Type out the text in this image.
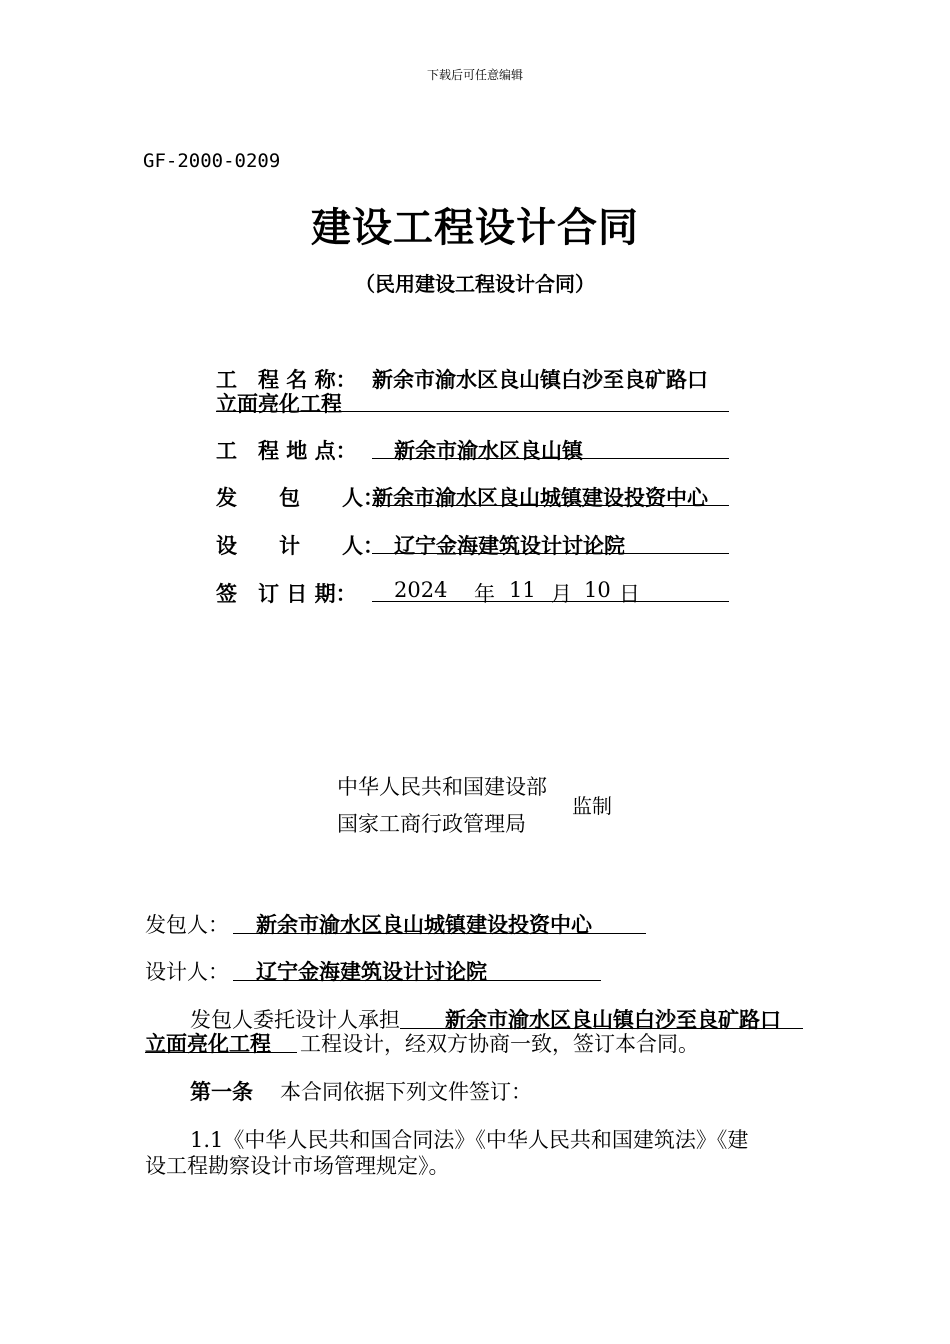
下载后可任意编辑
GF-2000-0209
建设工程设计合同
（民用建设工程设计合同）
工　程 名 称： 新余市渝水区良山镇白沙至良矿路口
立面亮化工程
工　程 地 点： 新余市渝水区良山镇
发　　包　　人：
新余市渝水区良山城镇建设投资中心
设　　计　　人： 辽宁金海建筑设计讨论院
签　订 日 期： 2024 年 11 月 10 日
中华人民共和国建设部
国家工商行政管理局
监制
发包人： 新余市渝水区良山城镇建设投资中心
设计人： 辽宁金海建筑设计讨论院
发包人委托设计人承担 新余市渝水区良山镇白沙至良矿路口
立面亮化工程 工程设计，经双方协商一致，签订本合同。
第一条 本合同依据下列文件签订：
1.1《中华人民共和国合同法》《中华人民共和国建筑法》《建
设工程勘察设计市场管理规定》。
